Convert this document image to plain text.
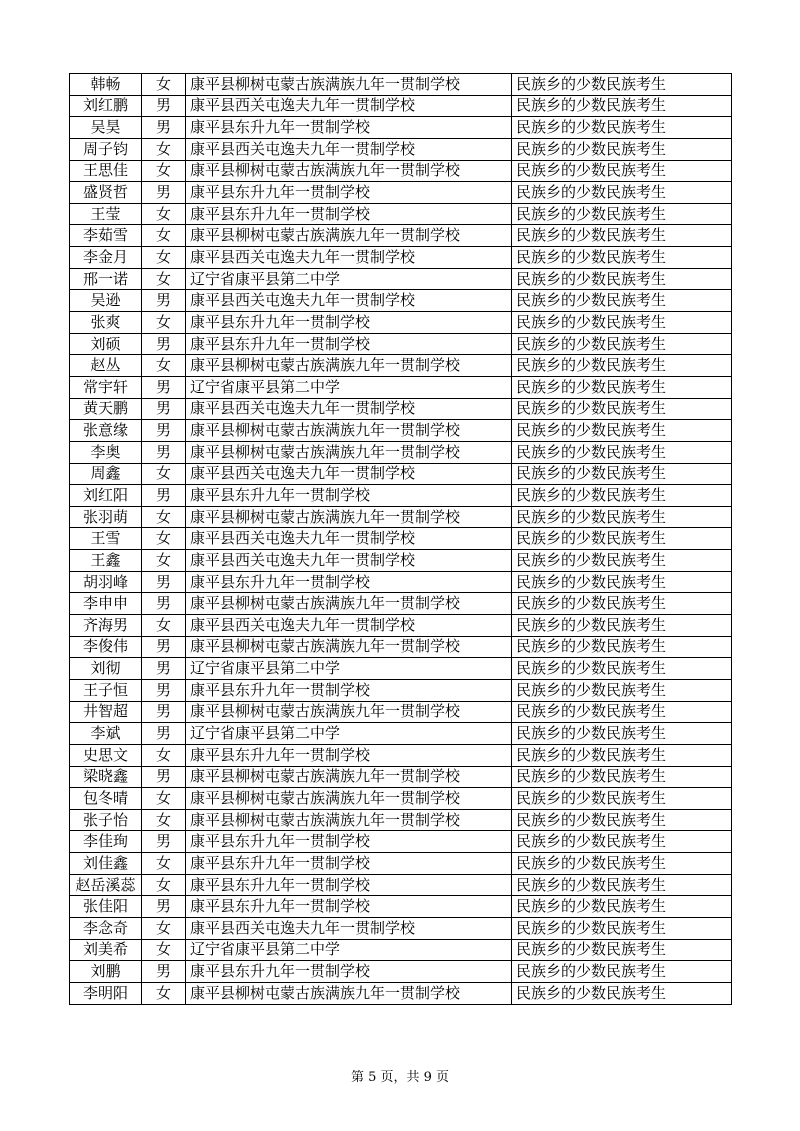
韩畅	女	康平县柳树屯蒙古族满族九年一贯制学校	民族乡的少数民族考生
刘红鹏	男	康平县西关屯逸夫九年一贯制学校	民族乡的少数民族考生
吴昊	男	康平县东升九年一贯制学校	民族乡的少数民族考生
周子钧	女	康平县西关屯逸夫九年一贯制学校	民族乡的少数民族考生
王思佳	女	康平县柳树屯蒙古族满族九年一贯制学校	民族乡的少数民族考生
盛贤哲	男	康平县东升九年一贯制学校	民族乡的少数民族考生
王莹	女	康平县东升九年一贯制学校	民族乡的少数民族考生
李茹雪	女	康平县柳树屯蒙古族满族九年一贯制学校	民族乡的少数民族考生
李金月	女	康平县西关屯逸夫九年一贯制学校	民族乡的少数民族考生
邢一诺	女	辽宁省康平县第二中学	民族乡的少数民族考生
吴逊	男	康平县西关屯逸夫九年一贯制学校	民族乡的少数民族考生
张爽	女	康平县东升九年一贯制学校	民族乡的少数民族考生
刘硕	男	康平县东升九年一贯制学校	民族乡的少数民族考生
赵丛	女	康平县柳树屯蒙古族满族九年一贯制学校	民族乡的少数民族考生
常宇轩	男	辽宁省康平县第二中学	民族乡的少数民族考生
黄天鹏	男	康平县西关屯逸夫九年一贯制学校	民族乡的少数民族考生
张意缘	男	康平县柳树屯蒙古族满族九年一贯制学校	民族乡的少数民族考生
李奥	男	康平县柳树屯蒙古族满族九年一贯制学校	民族乡的少数民族考生
周鑫	女	康平县西关屯逸夫九年一贯制学校	民族乡的少数民族考生
刘红阳	男	康平县东升九年一贯制学校	民族乡的少数民族考生
张羽萌	女	康平县柳树屯蒙古族满族九年一贯制学校	民族乡的少数民族考生
王雪	女	康平县西关屯逸夫九年一贯制学校	民族乡的少数民族考生
王鑫	女	康平县西关屯逸夫九年一贯制学校	民族乡的少数民族考生
胡羽峰	男	康平县东升九年一贯制学校	民族乡的少数民族考生
李申申	男	康平县柳树屯蒙古族满族九年一贯制学校	民族乡的少数民族考生
齐海男	女	康平县西关屯逸夫九年一贯制学校	民族乡的少数民族考生
李俊伟	男	康平县柳树屯蒙古族满族九年一贯制学校	民族乡的少数民族考生
刘彻	男	辽宁省康平县第二中学	民族乡的少数民族考生
王子恒	男	康平县东升九年一贯制学校	民族乡的少数民族考生
井智超	男	康平县柳树屯蒙古族满族九年一贯制学校	民族乡的少数民族考生
李斌	男	辽宁省康平县第二中学	民族乡的少数民族考生
史思文	女	康平县东升九年一贯制学校	民族乡的少数民族考生
梁晓鑫	男	康平县柳树屯蒙古族满族九年一贯制学校	民族乡的少数民族考生
包冬晴	女	康平县柳树屯蒙古族满族九年一贯制学校	民族乡的少数民族考生
张子怡	女	康平县柳树屯蒙古族满族九年一贯制学校	民族乡的少数民族考生
李佳珣	男	康平县东升九年一贯制学校	民族乡的少数民族考生
刘佳鑫	女	康平县东升九年一贯制学校	民族乡的少数民族考生
赵岳溪蕊	女	康平县东升九年一贯制学校	民族乡的少数民族考生
张佳阳	男	康平县东升九年一贯制学校	民族乡的少数民族考生
李念奇	女	康平县西关屯逸夫九年一贯制学校	民族乡的少数民族考生
刘美希	女	辽宁省康平县第二中学	民族乡的少数民族考生
刘鹏	男	康平县东升九年一贯制学校	民族乡的少数民族考生
李明阳	女	康平县柳树屯蒙古族满族九年一贯制学校	民族乡的少数民族考生
第 5 页，共 9 页
